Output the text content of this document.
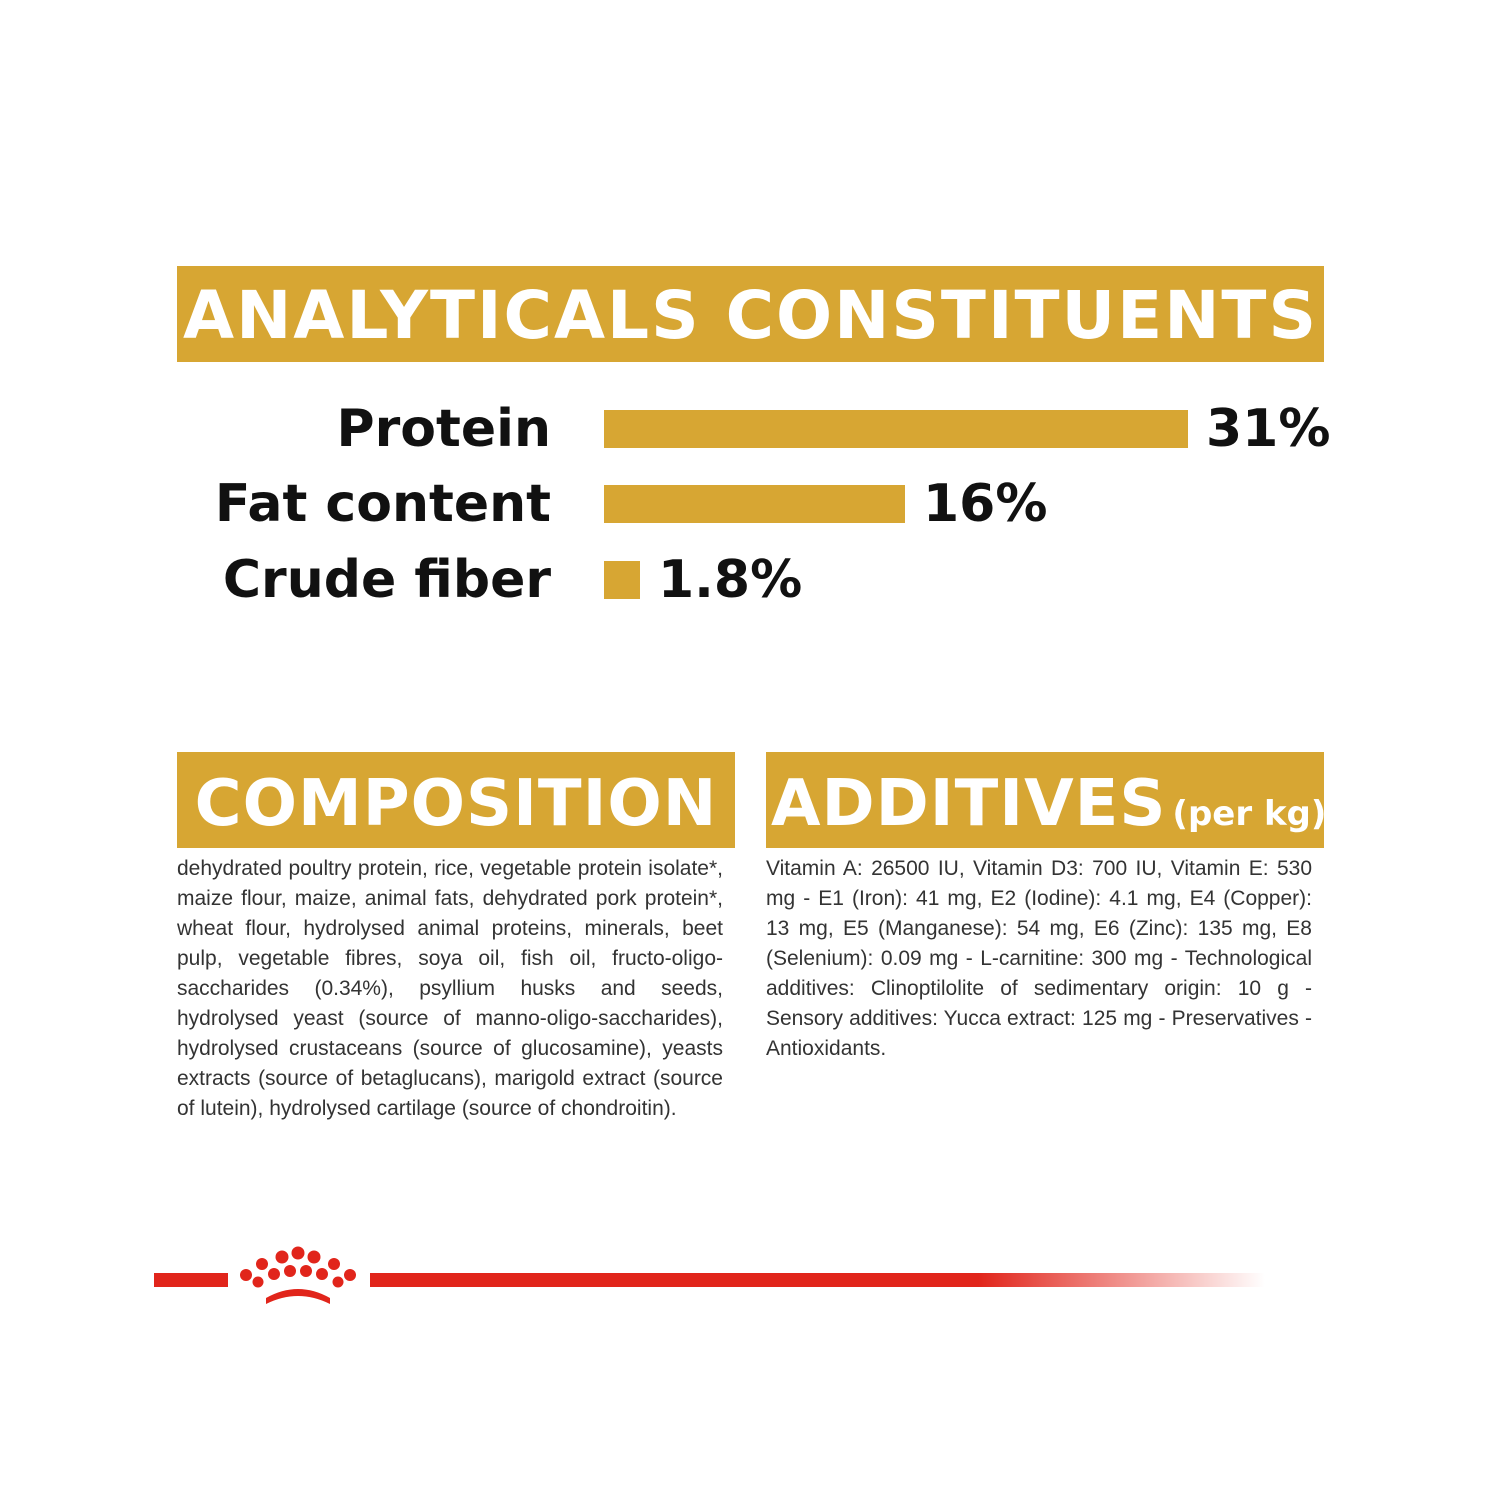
ANALYTICALS CONSTITUENTS
Protein	31%
Fat content	16%
Crude fiber 1.8%
COMPOSITION

dehydrated poultry protein, rice, vegetable protein isolate*, maize flour, maize, animal fats, dehydrated pork protein*, wheat flour, hydrolysed animal proteins, minerals, beet pulp, vegetable fibres, soya oil, fish oil, fructo-oligo-saccharides (0.34%), psyllium husks and seeds, hydrolysed yeast (source of manno-oligo-saccharides), hydrolysed crustaceans (source of glucosamine), yeasts extracts (source of betaglucans), marigold extract (source of lutein), hydrolysed cartilage (source of chondroitin).

ADDITIVES (per kg)

Vitamin A: 26500 IU, Vitamin D3: 700 IU, Vitamin E: 530 mg - E1 (Iron): 41 mg, E2 (Iodine): 4.1 mg, E4 (Copper): 13 mg, E5 (Manganese): 54 mg, E6 (Zinc): 135 mg, E8 (Selenium): 0.09 mg - L-carnitine: 300 mg - Technological additives: Clinoptilolite of sedimentary origin: 10 g - Sensory additives: Yucca extract: 125 mg - Preservatives - Antioxidants.
